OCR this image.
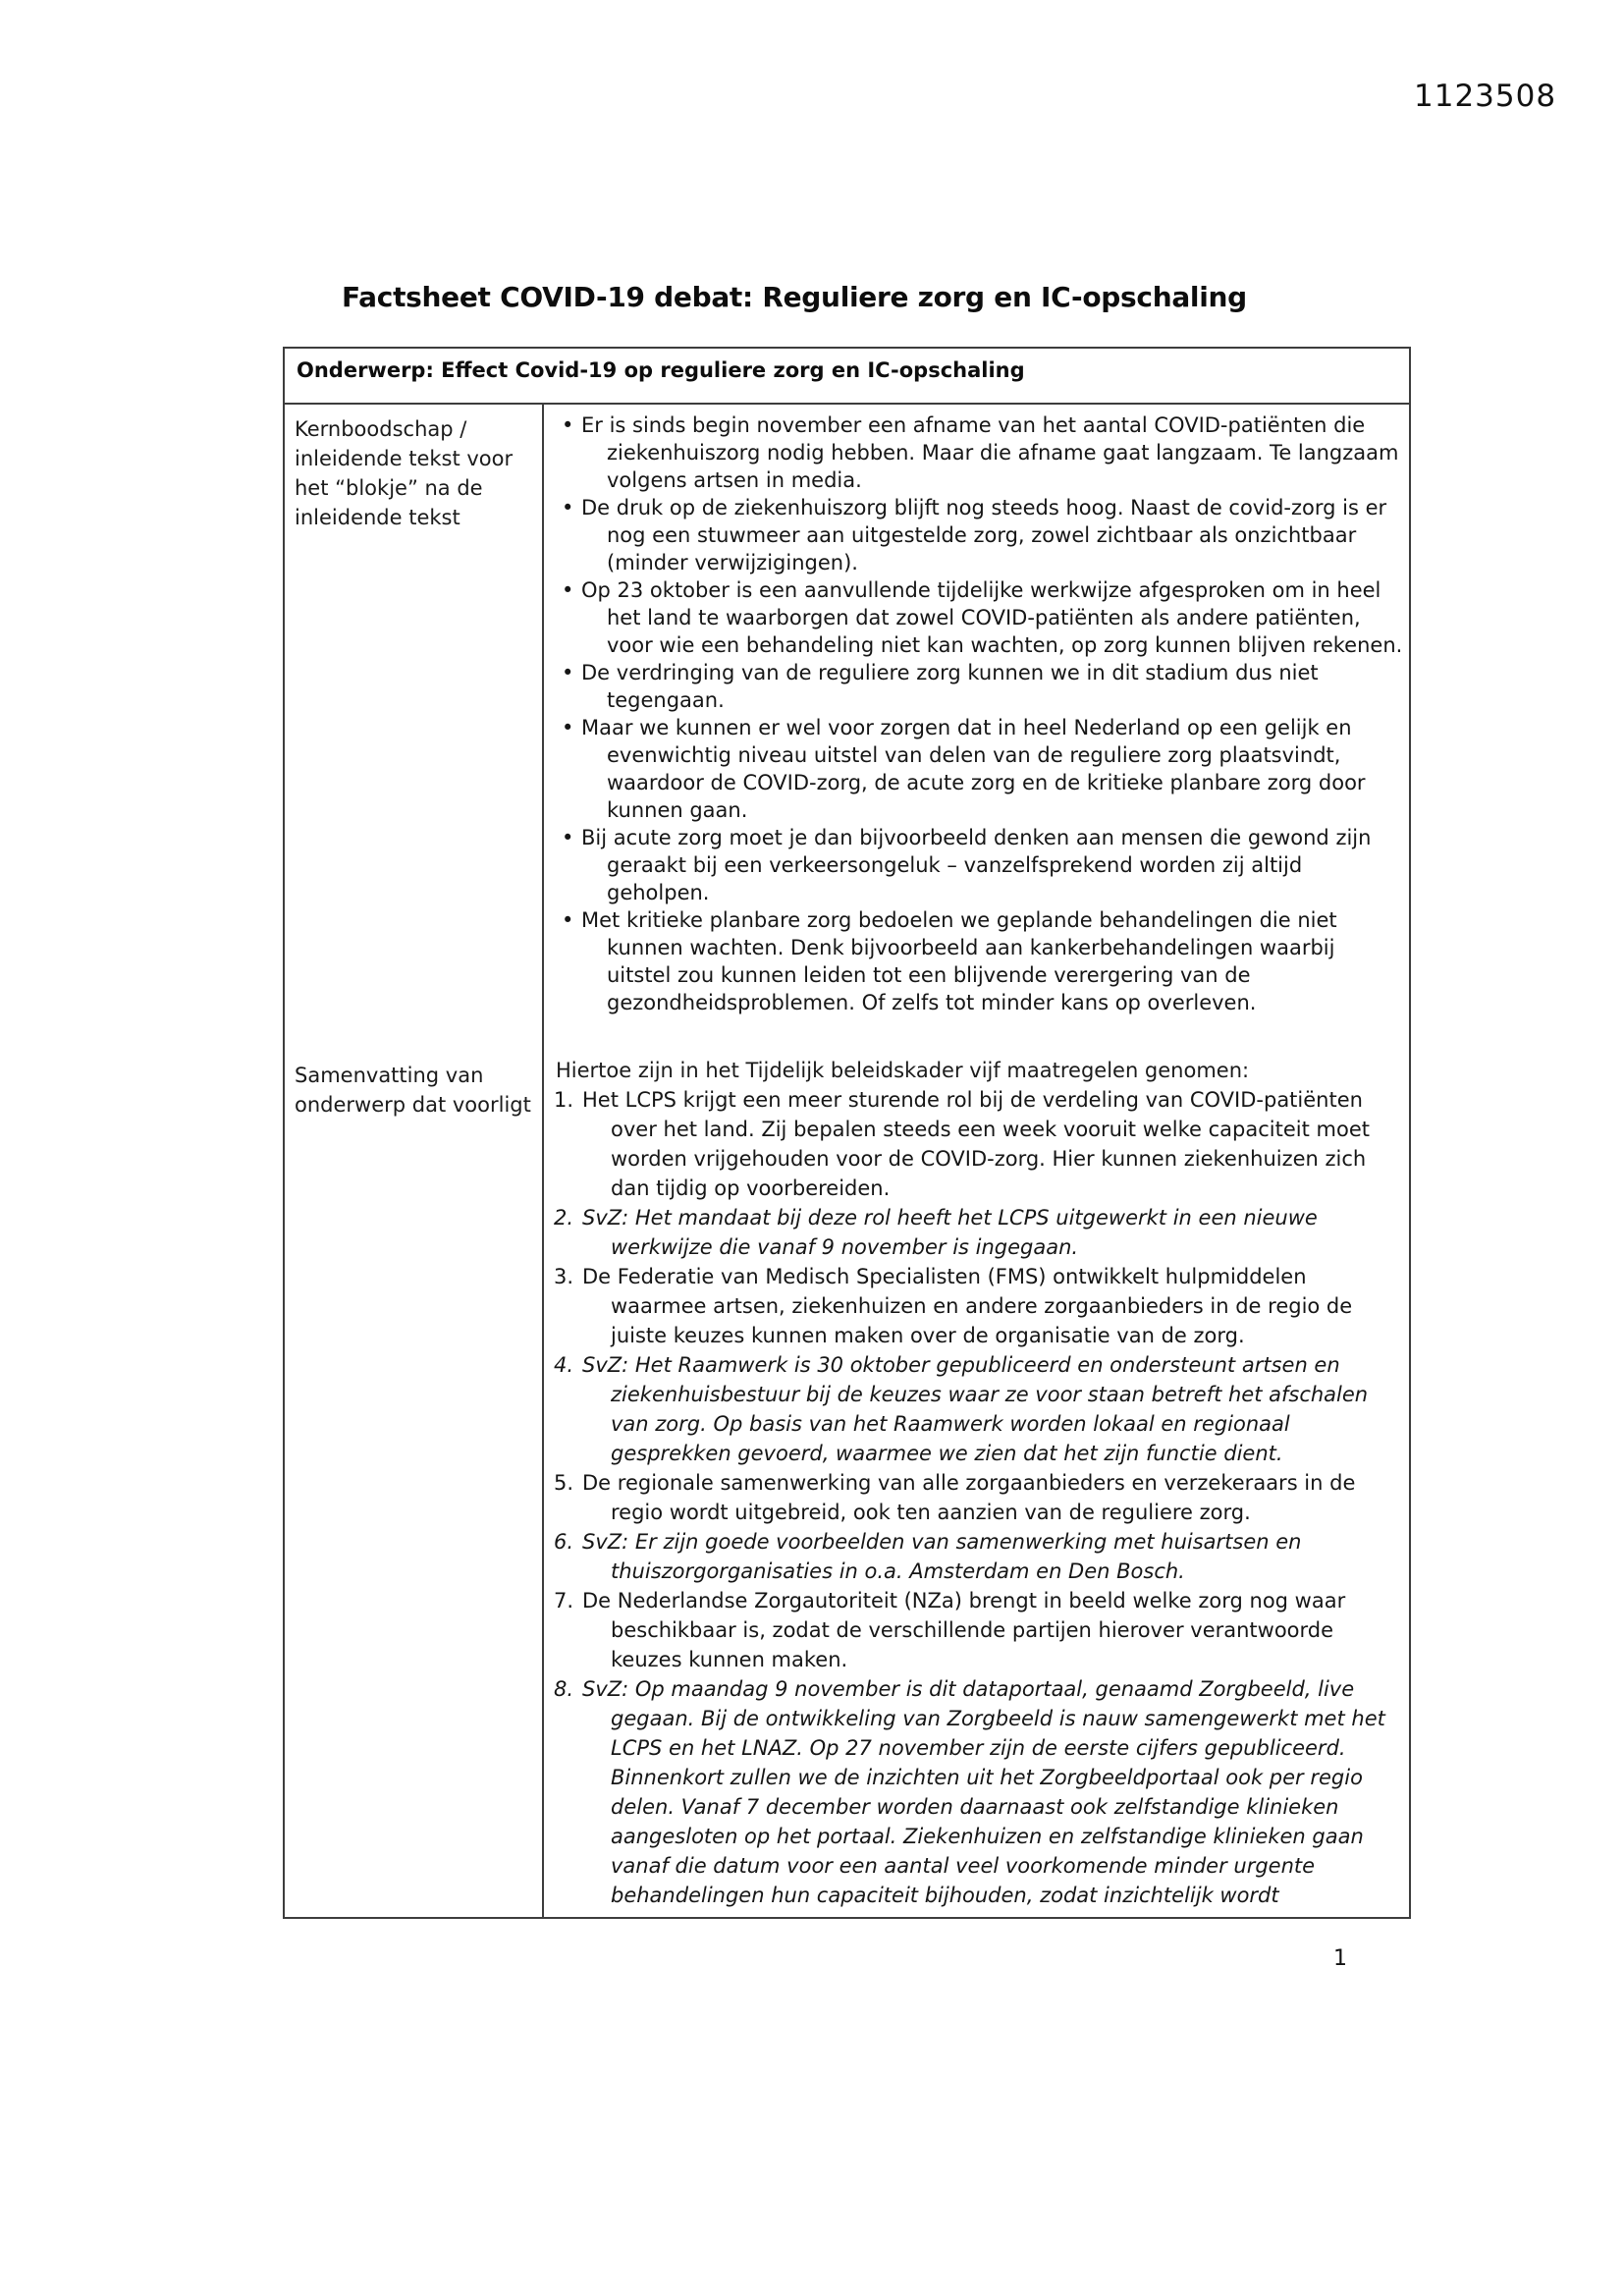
1123508
Factsheet COVID-19 debat: Reguliere zorg en IC-opschaling
Onderwerp: Effect Covid-19 op reguliere zorg en IC-opschaling
Kernboodschap / inleidende tekst voor het “blokje” na de inleidende tekst
• Er is sinds begin november een afname van het aantal COVID-patiënten die ziekenhuiszorg nodig hebben. Maar die afname gaat langzaam. Te langzaam volgens artsen in media.
• De druk op de ziekenhuiszorg blijft nog steeds hoog. Naast de covid-zorg is er nog een stuwmeer aan uitgestelde zorg, zowel zichtbaar als onzichtbaar (minder verwijzigingen).
• Op 23 oktober is een aanvullende tijdelijke werkwijze afgesproken om in heel het land te waarborgen dat zowel COVID-patiënten als andere patiënten, voor wie een behandeling niet kan wachten, op zorg kunnen blijven rekenen.
• De verdringing van de reguliere zorg kunnen we in dit stadium dus niet tegengaan.
• Maar we kunnen er wel voor zorgen dat in heel Nederland op een gelijk en evenwichtig niveau uitstel van delen van de reguliere zorg plaatsvindt, waardoor de COVID-zorg, de acute zorg en de kritieke planbare zorg door kunnen gaan.
• Bij acute zorg moet je dan bijvoorbeeld denken aan mensen die gewond zijn geraakt bij een verkeersongeluk – vanzelfsprekend worden zij altijd geholpen.
• Met kritieke planbare zorg bedoelen we geplande behandelingen die niet kunnen wachten. Denk bijvoorbeeld aan kankerbehandelingen waarbij uitstel zou kunnen leiden tot een blijvende verergering van de gezondheidsproblemen. Of zelfs tot minder kans op overleven.
Samenvatting van onderwerp dat voorligt
Hiertoe zijn in het Tijdelijk beleidskader vijf maatregelen genomen:
1. Het LCPS krijgt een meer sturende rol bij de verdeling van COVID-patiënten over het land. Zij bepalen steeds een week vooruit welke capaciteit moet worden vrijgehouden voor de COVID-zorg. Hier kunnen ziekenhuizen zich dan tijdig op voorbereiden.
2. SvZ: Het mandaat bij deze rol heeft het LCPS uitgewerkt in een nieuwe werkwijze die vanaf 9 november is ingegaan.
3. De Federatie van Medisch Specialisten (FMS) ontwikkelt hulpmiddelen waarmee artsen, ziekenhuizen en andere zorgaanbieders in de regio de juiste keuzes kunnen maken over de organisatie van de zorg.
4. SvZ: Het Raamwerk is 30 oktober gepubliceerd en ondersteunt artsen en ziekenhuisbestuur bij de keuzes waar ze voor staan betreft het afschalen van zorg. Op basis van het Raamwerk worden lokaal en regionaal gesprekken gevoerd, waarmee we zien dat het zijn functie dient.
5. De regionale samenwerking van alle zorgaanbieders en verzekeraars in de regio wordt uitgebreid, ook ten aanzien van de reguliere zorg.
6. SvZ: Er zijn goede voorbeelden van samenwerking met huisartsen en thuiszorgorganisaties in o.a. Amsterdam en Den Bosch.
7. De Nederlandse Zorgautoriteit (NZa) brengt in beeld welke zorg nog waar beschikbaar is, zodat de verschillende partijen hierover verantwoorde keuzes kunnen maken.
8. SvZ: Op maandag 9 november is dit dataportaal, genaamd Zorgbeeld, live gegaan. Bij de ontwikkeling van Zorgbeeld is nauw samengewerkt met het LCPS en het LNAZ. Op 27 november zijn de eerste cijfers gepubliceerd. Binnenkort zullen we de inzichten uit het Zorgbeeldportaal ook per regio delen. Vanaf 7 december worden daarnaast ook zelfstandige klinieken aangesloten op het portaal. Ziekenhuizen en zelfstandige klinieken gaan vanaf die datum voor een aantal veel voorkomende minder urgente behandelingen hun capaciteit bijhouden, zodat inzichtelijk wordt
1
